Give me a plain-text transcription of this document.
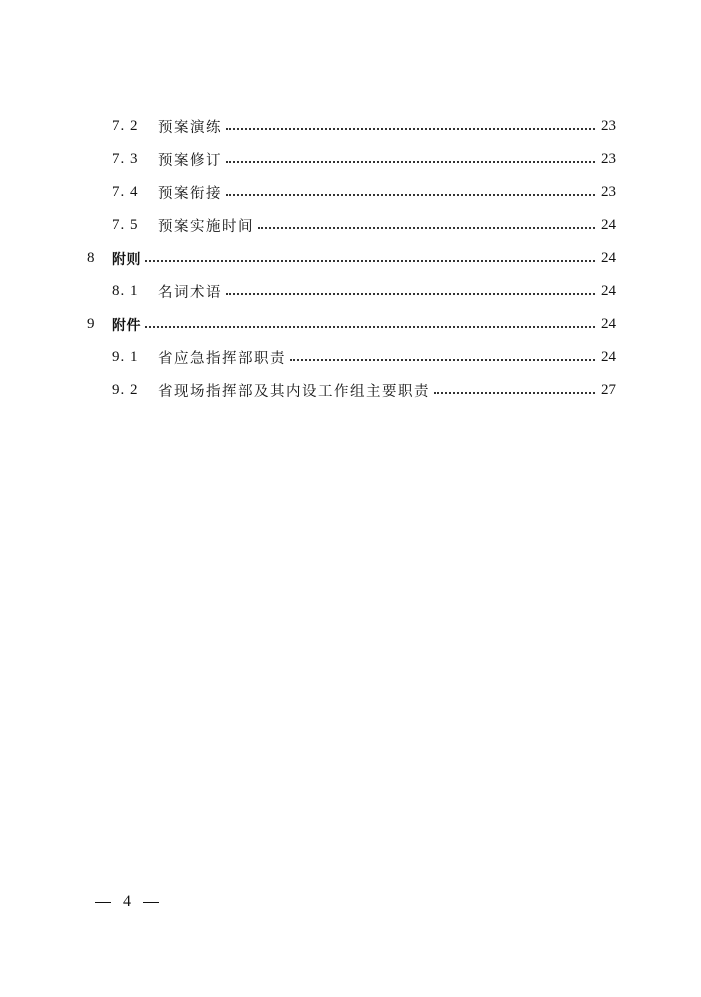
7. 2 预案演练	23
7. 3 预案修订	23
7. 4 预案衔接	23
7. 5 预案实施时间	24
8 附则	24
8. 1 名词术语	24
9 附件	24
9. 1 省应急指挥部职责	24
9. 2 省现场指挥部及其内设工作组主要职责	27
4
